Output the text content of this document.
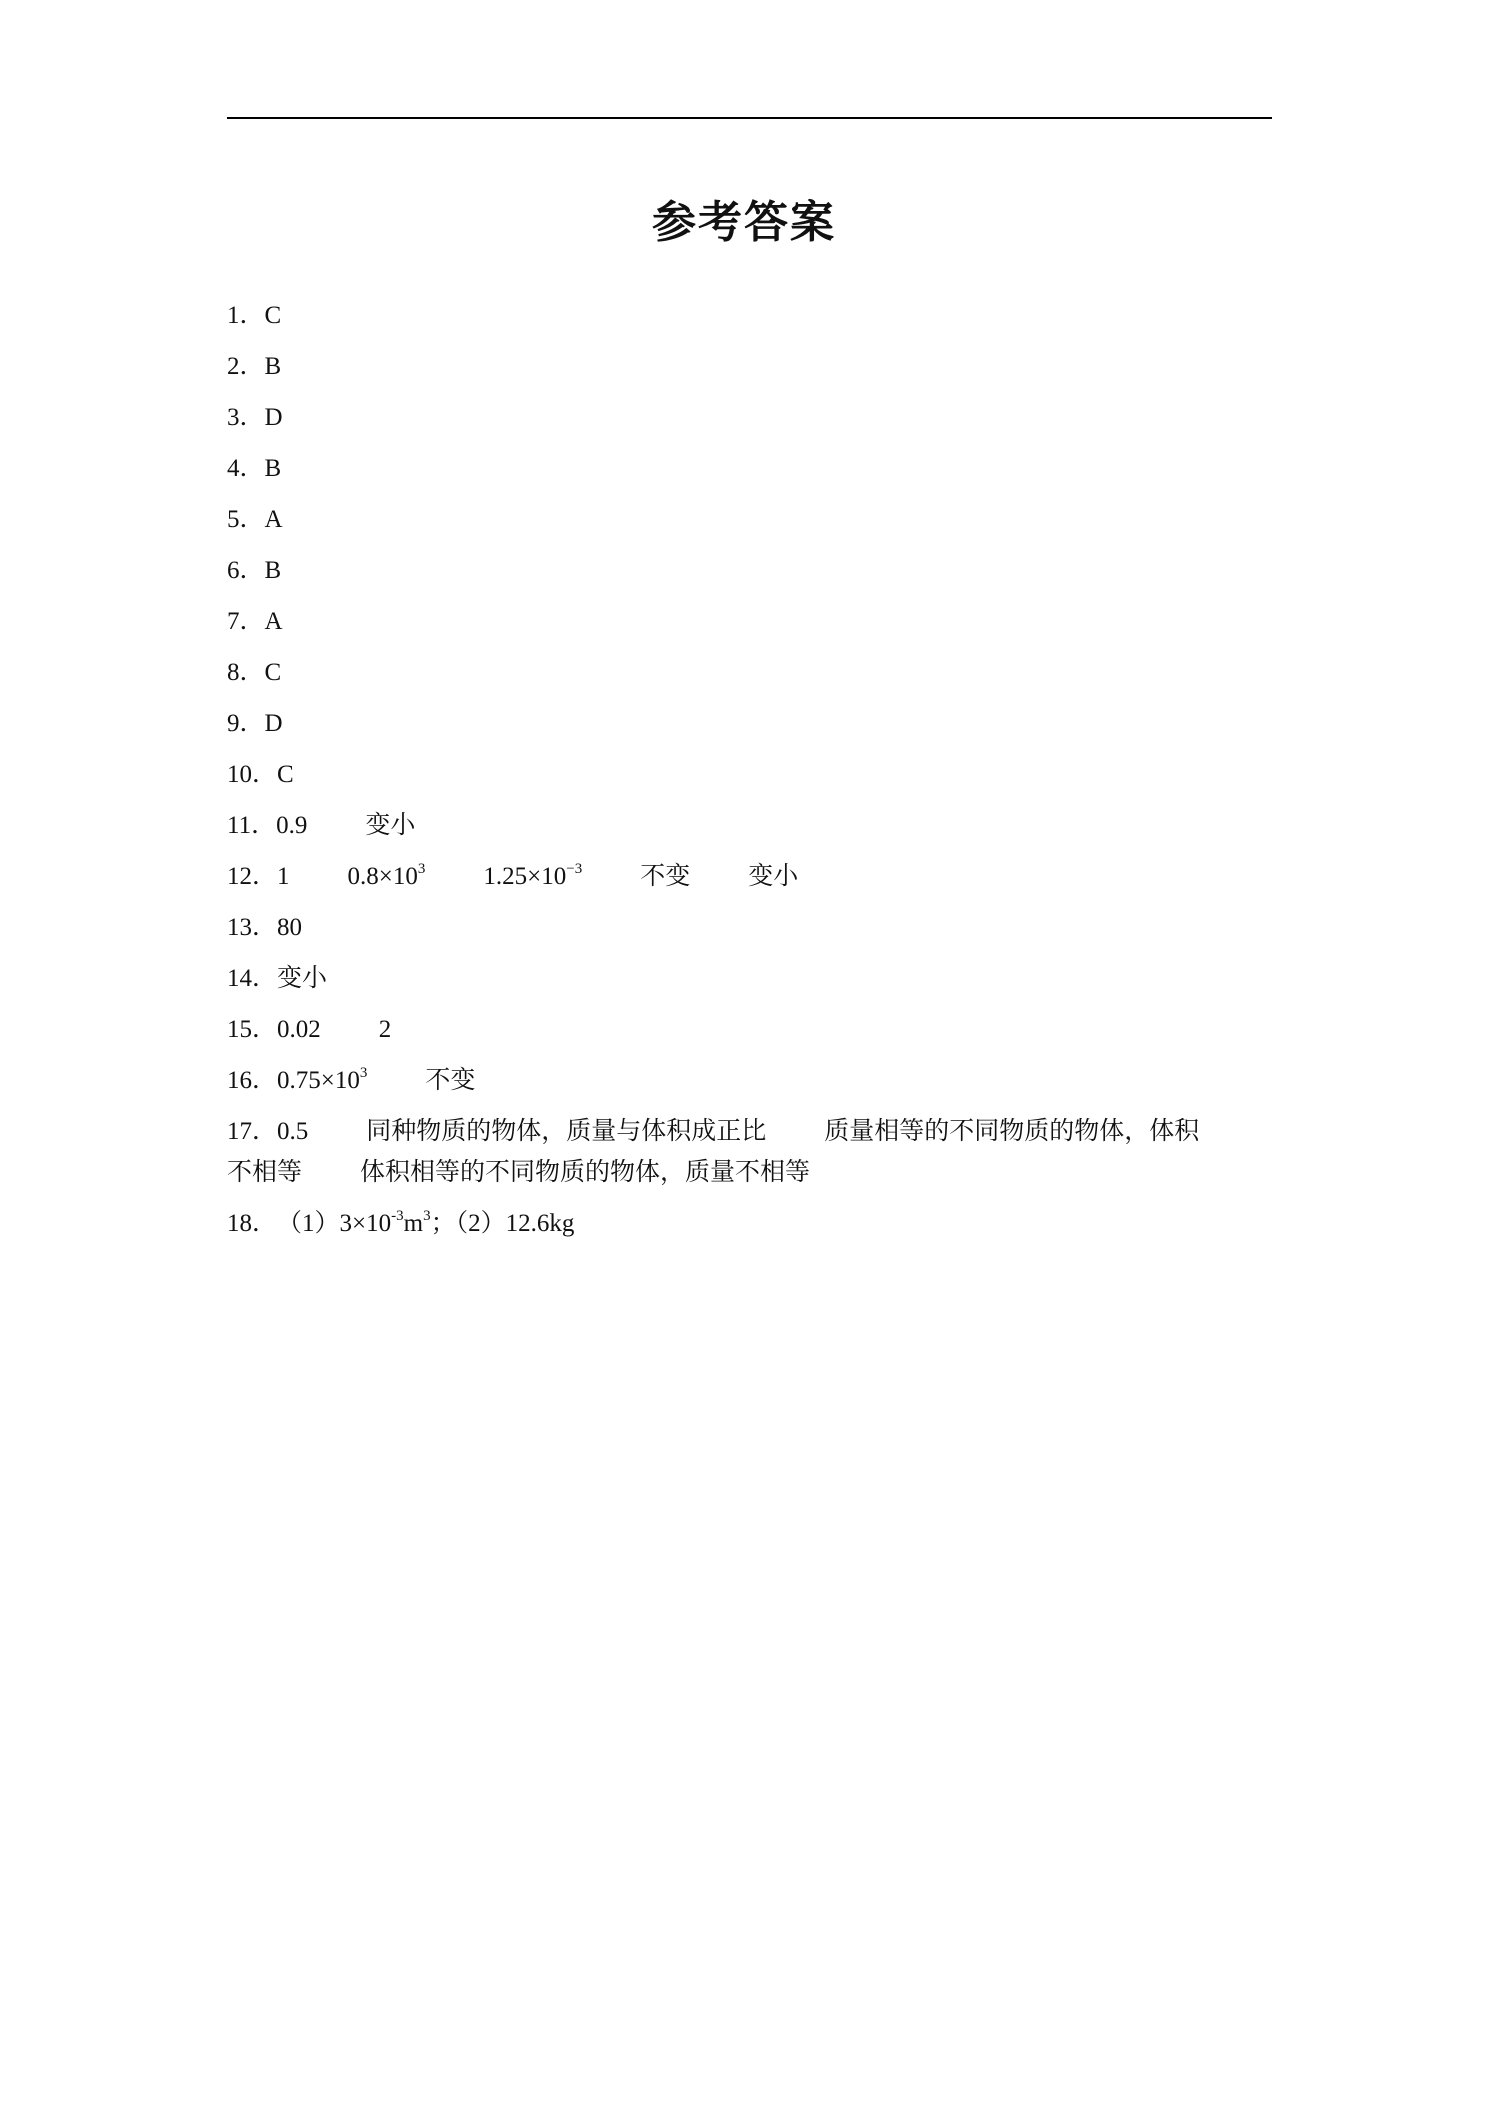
参考答案
1．C
2．B
3．D
4．B
5．A
6．B
7．A
8．C
9．D
10．C
11．0.9 变小
12．1 $0.8\times 10^3$ $1.25\times 10^{-3}$ 不变 变小
13．80
14．变小
15．0.02 2
16．$0.75\times 10^3$ 不变
17．0.5 同种物质的物体，质量与体积成正比 质量相等的不同物质的物体，体积
不相等 体积相等的不同物质的物体，质量不相等
18．$(1)3\times 10^{-3}m^3$；（2）12.6kg
